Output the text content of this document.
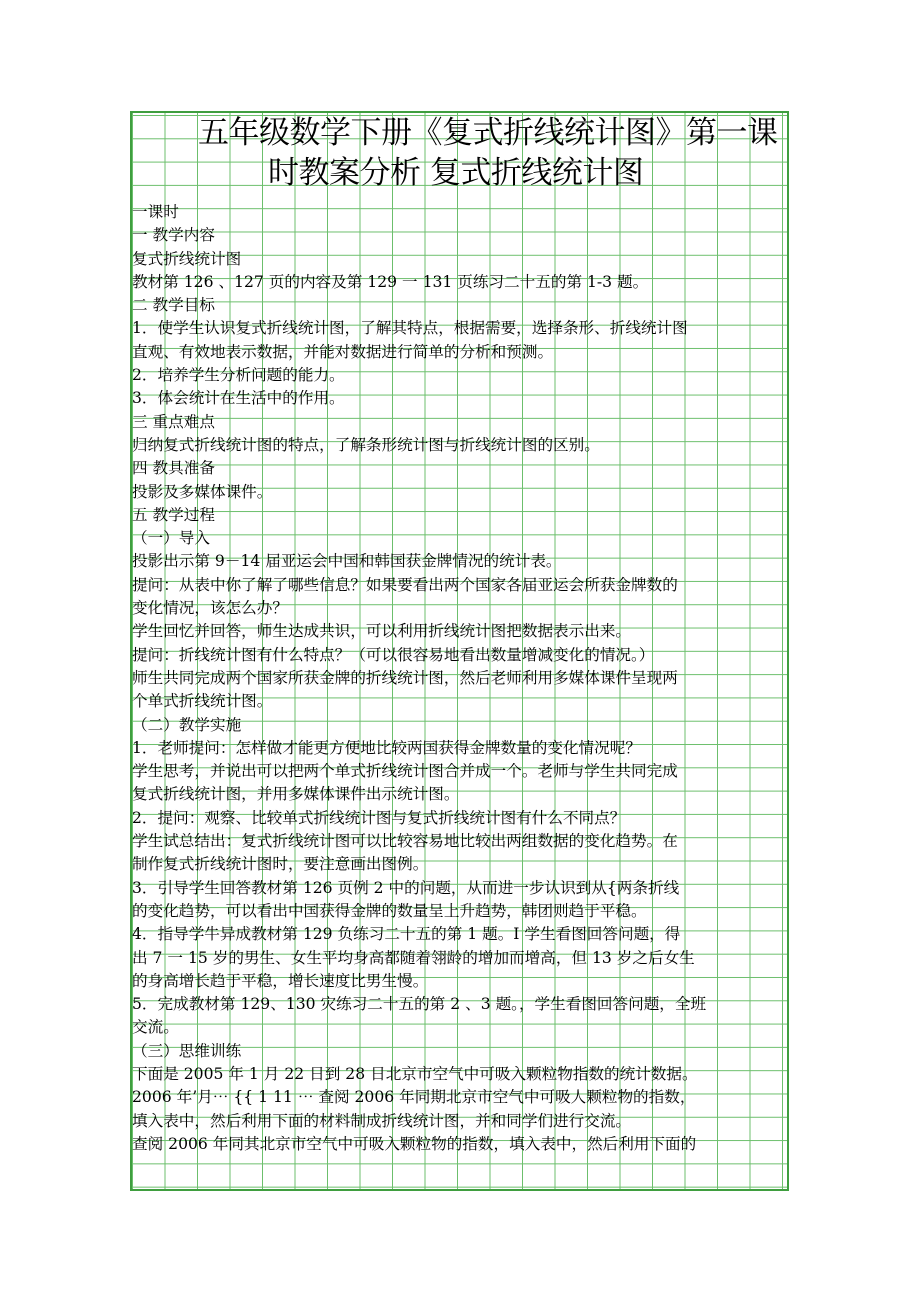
五年级数学下册《复式折线统计图》第一课
时教案分析 复式折线统计图
一课时
一 教学内容
复式折线统计图
教材第 126 、127 页的内容及第 129 一 131 页练习二十五的第 1-3 题。
二 教学目标
1．使学生认识复式折线统计图，了解其特点，根据需要，选择条形、折线统计图
直观、有效地表示数据，并能对数据进行简单的分析和预测。
2．培养学生分析问题的能力。
3．体会统计在生活中的作用。
三 重点难点
归纳复式折线统计图的特点，了解条形统计图与折线统计图的区别。
四 教具准备
投影及多媒体课件。
五 教学过程
（一）导入
投影出示第 9－14 届亚运会中国和韩国获金牌情况的统计表。
提问：从表中你了解了哪些信息？如果要看出两个国家各届亚运会所获金牌数的
变化情况，该怎么办？
学生回忆并回答，师生达成共识，可以利用折线统计图把数据表示出来。
提问：折线统计图有什么特点？（可以很容易地看出数量增减变化的情况。）
师生共同完成两个国家所获金牌的折线统计图，然后老师利用多媒体课件呈现两
个单式折线统计图。
（二）教学实施
1．老师提问：怎样做才能更方便地比较两国获得金牌数量的变化情况呢？
学生思考，并说出可以把两个单式折线统计图合并成一个。老师与学生共同完成
复式折线统计图，并用多媒体课件出示统计图。
2．提问：观察、比较单式折线统计图与复式折线统计图有什么不同点？
学生试总结出：复式折线统计图可以比较容易地比较出两组数据的变化趋势。在
制作复式折线统计图时，要注意画出图例。
3．引导学生回答教材第 126 页例 2 中的问题，从而进一步认识到从{两条折线
的变化趋势，可以看出中国获得金牌的数量呈上升趋势，韩团则趋于平稳。
4．指导学牛异成教材第 129 负练习二十五的第 1 题。I 学生看图回答问题，得
出 7 一 15 岁的男生、女生平均身高都随着翎龄的增加而增高，但 13 岁之后女生
的身高增长趋于平稳，增长速度比男生慢。
5．完成教材第 129、130 灾练习二十五的第 2 、3 题。，学生看图回答问题，全班
交流。
（三）思维训练
下面是 2005 年 1 月 22 日到 28 日北京市空气中可吸入颗粒物指数的统计数据。
2006 年’月⋯ {{ 1 11 ⋯ 查阅 2006 年同期北京市空气中可吸人颗粒物的指数，
填入表中，然后利用下面的材料制成折线统计图，并和同学们进行交流。
查阅 2006 年同其北京市空气中可吸入颗粒物的指数，填入表中，然后利用下面的
